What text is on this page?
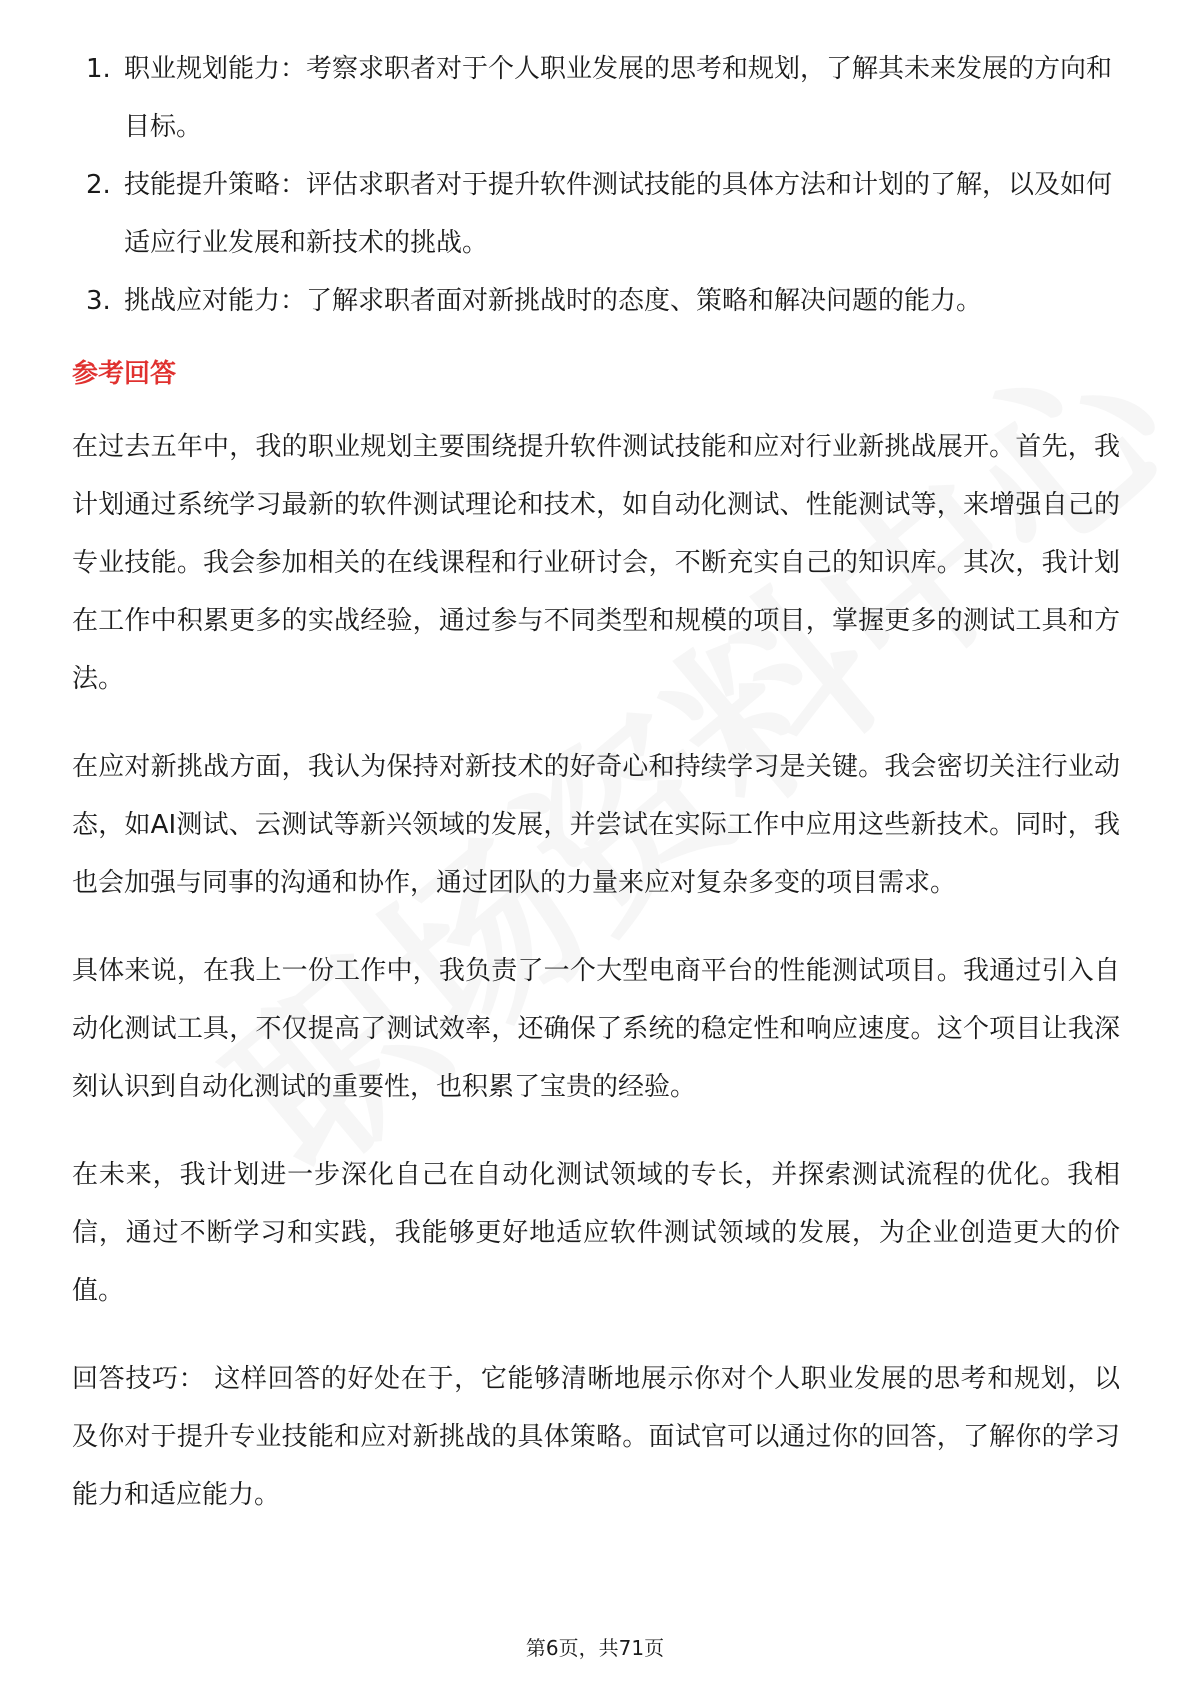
1. 职业规划能力：考察求职者对于个人职业发展的思考和规划，了解其未来发展的方向和目标。
2. 技能提升策略：评估求职者对于提升软件测试技能的具体方法和计划的了解，以及如何适应行业发展和新技术的挑战。
3. 挑战应对能力：了解求职者面对新挑战时的态度、策略和解决问题的能力。
参考回答

在过去五年中，我的职业规划主要围绕提升软件测试技能和应对行业新挑战展开。首先，我计划通过系统学习最新的软件测试理论和技术，如自动化测试、性能测试等，来增强自己的专业技能。我会参加相关的在线课程和行业研讨会，不断充实自己的知识库。其次，我计划在工作中积累更多的实战经验，通过参与不同类型和规模的项目，掌握更多的测试工具和方法。

在应对新挑战方面，我认为保持对新技术的好奇心和持续学习是关键。我会密切关注行业动态，如AI测试、云测试等新兴领域的发展，并尝试在实际工作中应用这些新技术。同时，我也会加强与同事的沟通和协作，通过团队的力量来应对复杂多变的项目需求。

具体来说，在我上一份工作中，我负责了一个大型电商平台的性能测试项目。我通过引入自动化测试工具，不仅提高了测试效率，还确保了系统的稳定性和响应速度。这个项目让我深刻认识到自动化测试的重要性，也积累了宝贵的经验。

在未来，我计划进一步深化自己在自动化测试领域的专长，并探索测试流程的优化。我相信，通过不断学习和实践，我能够更好地适应软件测试领域的发展，为企业创造更大的价值。

回答技巧： 这样回答的好处在于，它能够清晰地展示你对个人职业发展的思考和规划，以及你对于提升专业技能和应对新挑战的具体策略。面试官可以通过你的回答，了解你的学习能力和适应能力。

第6页，共71页
